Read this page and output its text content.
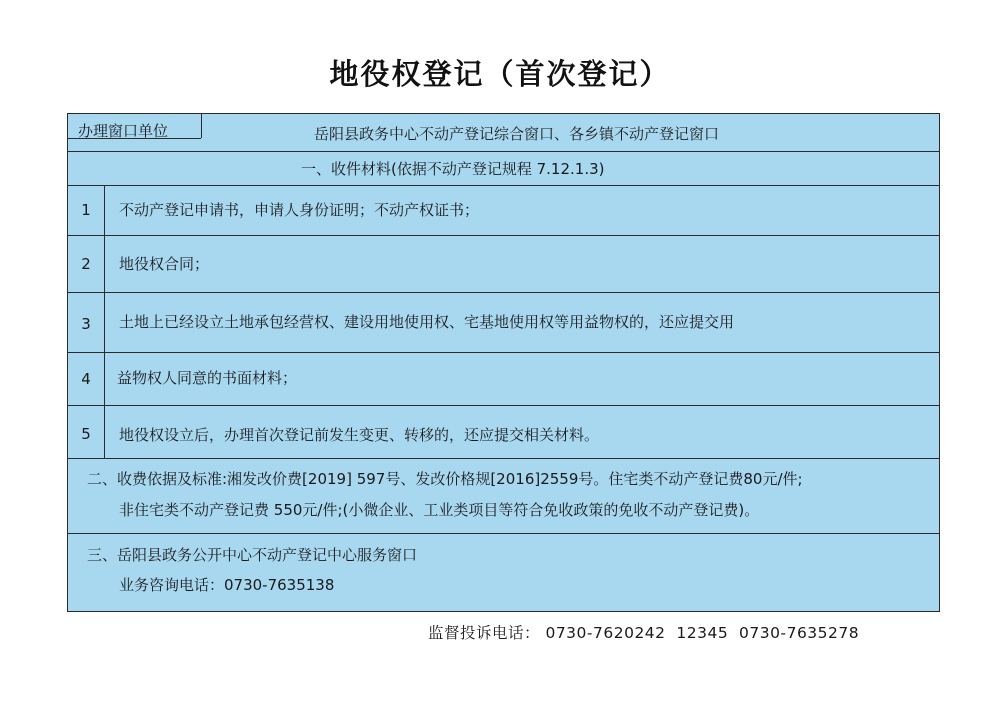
地役权登记（首次登记）
办理窗口单位	岳阳县政务中心不动产登记综合窗口、各乡镇不动产登记窗口
一、收件材料(依据不动产登记规程 7.12.1.3)
1	不动产登记申请书，申请人身份证明；不动产权证书；
2	地役权合同；
3	土地上已经设立土地承包经营权、建设用地使用权、宅基地使用权等用益物权的，还应提交用
4	益物权人同意的书面材料；
5	地役权设立后，办理首次登记前发生变更、转移的，还应提交相关材料。
二、收费依据及标准:湘发改价费[2019] 597号、发改价格规[2016]2559号。住宅类不动产登记费80元/件;
非住宅类不动产登记费 550元/件;(小微企业、工业类项目等符合免收政策的免收不动产登记费)。
三、岳阳县政务公开中心不动产登记中心服务窗口
业务咨询电话：0730-7635138
监督投诉电话： 0730-7620242  12345  0730-7635278
